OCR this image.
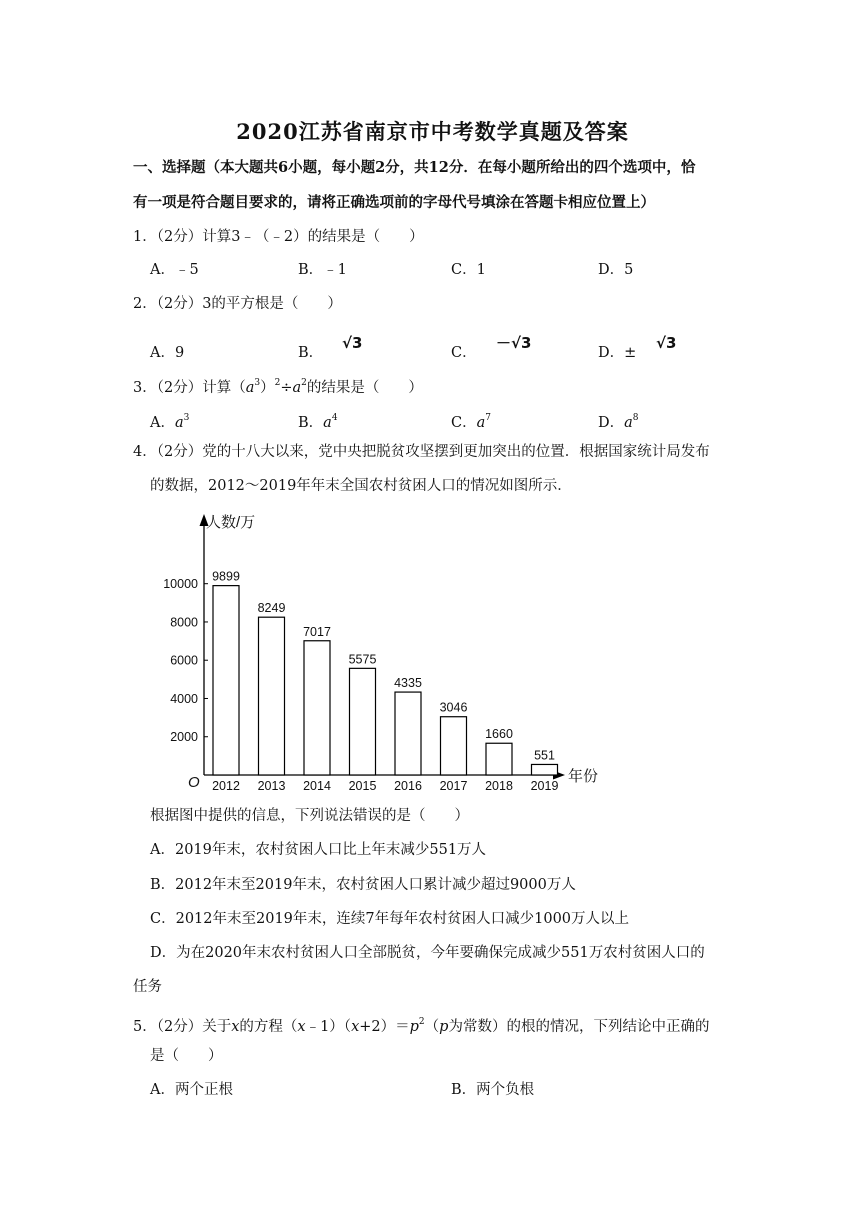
2020江苏省南京市中考数学真题及答案
一、选择题（本大题共6小题，每小题2分，共12分．在每小题所给出的四个选项中，恰
有一项是符合题目要求的，请将正确选项前的字母代号填涂在答题卡相应位置上）
1．（2分）计算3﹣（﹣2）的结果是（　　）
A．﹣5	B．﹣1	C．1	D．5
2．（2分）3的平方根是（　　）
A．9	B．
√3
C．
－√3
D．±
√3
3．（2分）计算$(a^3)^2\div a^2$的结果是（　　）
A．$a^3$	B．$a^4$	C．$a^7$	D．$a^8$
4．（2分）党的十八大以来，党中央把脱贫攻坚摆到更加突出的位置．根据国家统计局发布
的数据，2012～2019年年末全国农村贫困人口的情况如图所示．
人数/万
年份
O
2000
4000
6000
8000
10000
9899
2012
8249
2013
7017
2014
5575
2015
4335
2016
3046
2017
1660
2018
551
2019
根据图中提供的信息，下列说法错误的是（　　）
A．2019年末，农村贫困人口比上年末减少551万人
B．2012年末至2019年末，农村贫困人口累计减少超过9000万人
C．2012年末至2019年末，连续7年每年农村贫困人口减少1000万人以上
D．为在2020年末农村贫困人口全部脱贫，今年要确保完成减少551万农村贫困人口的
任务
5．（2分）关于x的方程$(x﹣1)(x+2)=p^2(p$为常数）的根的情况，下列结论中正确的
是（　　）
A．两个正根	B．两个负根
